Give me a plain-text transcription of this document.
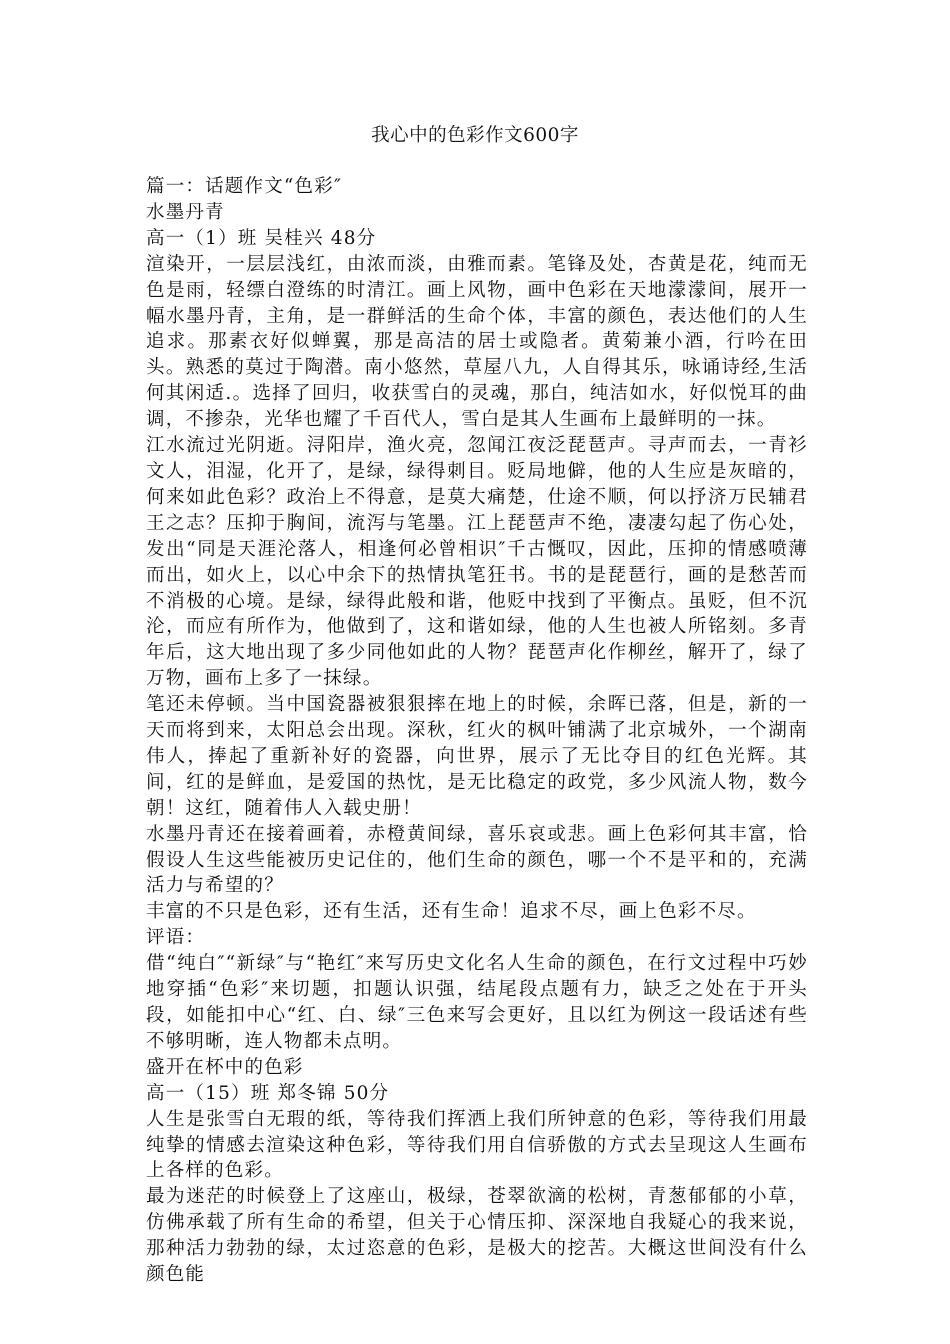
我心中的色彩作文600字

篇一：话题作文“色彩″

水墨丹青

高一（1）班 吴桂兴 48分

渲染开，一层层浅红，由浓而淡，由雅而素。笔锋及处，杏黄是花，纯而无色是雨，轻缥白澄练的时清江。画上风物，画中色彩在天地濛濛间，展开一幅水墨丹青，主角，是一群鲜活的生命个体，丰富的颜色，表达他们的人生追求。那素衣好似蝉翼，那是高洁的居士或隐者。黄菊兼小酒，行吟在田头。熟悉的莫过于陶潜。南小悠然，草屋八九，人自得其乐，咏诵诗经,生活何其闲适.。选择了回归，收获雪白的灵魂，那白，纯洁如水，好似悦耳的曲调，不掺杂，光华也耀了千百代人，雪白是其人生画布上最鲜明的一抹。

江水流过光阴逝。浔阳岸，渔火亮，忽闻江夜泛琵琶声。寻声而去，一青衫文人，泪湿，化开了，是绿，绿得刺目。贬局地僻，他的人生应是灰暗的，何来如此色彩？政治上不得意，是莫大痛楚，仕途不顺，何以抒济万民辅君王之志？压抑于胸间，流泻与笔墨。江上琵琶声不绝，凄凄勾起了伤心处，发出“同是天涯沦落人，相逢何必曾相识″千古慨叹，因此，压抑的情感喷薄而出，如火上，以心中余下的热情执笔狂书。书的是琵琶行，画的是愁苦而不消极的心境。是绿，绿得此般和谐，他贬中找到了平衡点。虽贬，但不沉沦，而应有所作为，他做到了，这和谐如绿，他的人生也被人所铭刻。多青年后，这大地出现了多少同他如此的人物？琵琶声化作柳丝，解开了，绿了万物，画布上多了一抹绿。

笔还未停顿。当中国瓷器被狠狠摔在地上的时候，余晖已落，但是，新的一天而将到来，太阳总会出现。深秋，红火的枫叶铺满了北京城外，一个湖南伟人，捧起了重新补好的瓷器，向世界，展示了无比夺目的红色光辉。其间，红的是鲜血，是爱国的热忱，是无比稳定的政党，多少风流人物，数今朝！这红，随着伟人入载史册！

水墨丹青还在接着画着，赤橙黄间绿，喜乐哀或悲。画上色彩何其丰富，恰假设人生这些能被历史记住的，他们生命的颜色，哪一个不是平和的，充满活力与希望的？

丰富的不只是色彩，还有生活，还有生命！追求不尽，画上色彩不尽。

评语：

借“纯白″“新绿″与“艳红″来写历史文化名人生命的颜色，在行文过程中巧妙地穿插“色彩″来切题，扣题认识强，结尾段点题有力，缺乏之处在于开头段，如能扣中心“红、白、绿″三色来写会更好，且以红为例这一段话述有些不够明晰，连人物都未点明。

盛开在杯中的色彩

高一（15）班 郑冬锦 50分

人生是张雪白无瑕的纸，等待我们挥洒上我们所钟意的色彩，等待我们用最纯挚的情感去渲染这种色彩，等待我们用自信骄傲的方式去呈现这人生画布上各样的色彩。

最为迷茫的时候登上了这座山，极绿，苍翠欲滴的松树，青葱郁郁的小草，仿佛承载了所有生命的希望，但关于心情压抑、深深地自我疑心的我来说，那种活力勃勃的绿，太过恣意的色彩，是极大的挖苦。大概这世间没有什么颜色能
